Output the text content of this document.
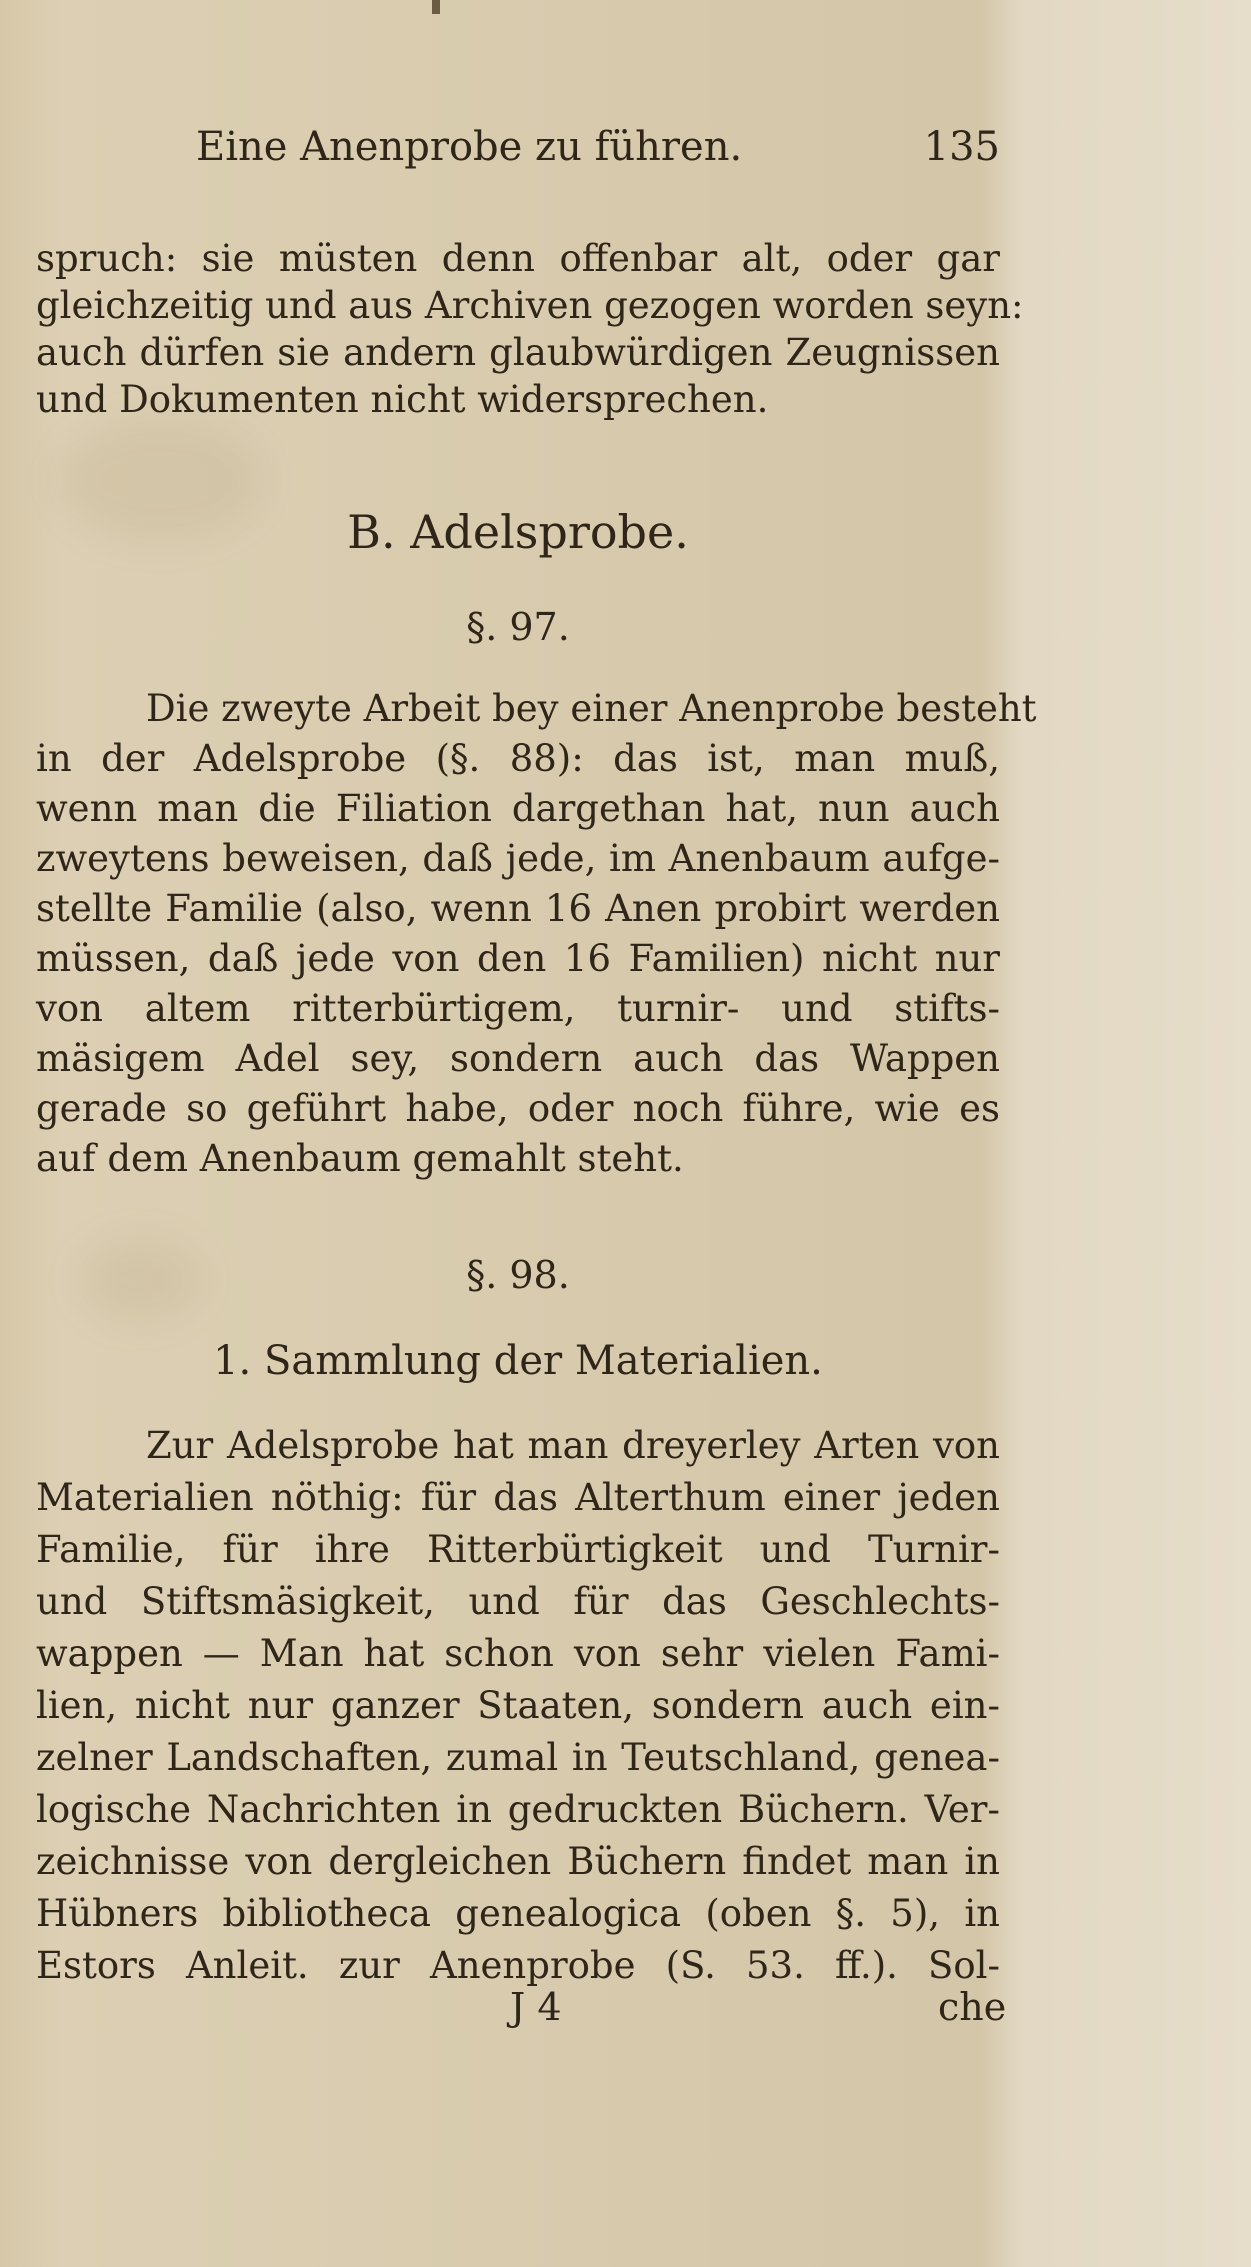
Eine Anenprobe zu führen.	135
spruch: sie müsten denn offenbar alt, oder gar
gleichzeitig und aus Archiven gezogen worden seyn:
auch dürfen sie andern glaubwürdigen Zeugnissen
und Dokumenten nicht widersprechen.
B. Adelsprobe.
§. 97.
Die zweyte Arbeit bey einer Anenprobe besteht
in der Adelsprobe (§. 88): das ist, man muß,
wenn man die Filiation dargethan hat, nun auch
zweytens beweisen, daß jede, im Anenbaum aufge-
stellte Familie (also, wenn 16 Anen probirt werden
müssen, daß jede von den 16 Familien) nicht nur
von altem ritterbürtigem, turnir- und stifts-
mäsigem Adel sey, sondern auch das Wappen
gerade so geführt habe, oder noch führe, wie es
auf dem Anenbaum gemahlt steht.
§. 98.
1. Sammlung der Materialien.
Zur Adelsprobe hat man dreyerley Arten von
Materialien nöthig: für das Alterthum einer jeden
Familie, für ihre Ritterbürtigkeit und Turnir-
und Stiftsmäsigkeit, und für das Geschlechts-
wappen — Man hat schon von sehr vielen Fami-
lien, nicht nur ganzer Staaten, sondern auch ein-
zelner Landschaften, zumal in Teutschland, genea-
logische Nachrichten in gedruckten Büchern. Ver-
zeichnisse von dergleichen Büchern findet man in
Hübners bibliotheca genealogica (oben §. 5), in
Estors Anleit. zur Anenprobe (S. 53. ff.). Sol-
J 4	che
